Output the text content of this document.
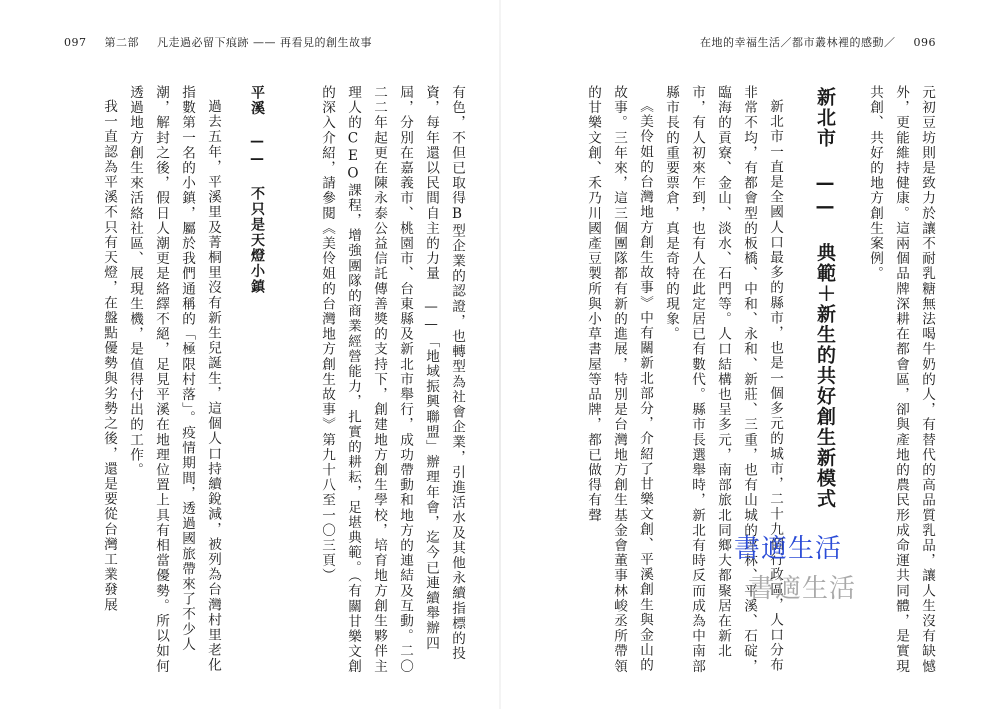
097 第二部 凡走過必留下痕跡 —— 再看見的創生故事	在地的幸福生活／都市叢林裡的感動／ 096

元初豆坊則是致力於讓不耐乳糖無法喝牛奶的人，有替代的高品質乳品，讓人生沒有缺憾外，更能維持健康。這兩個品牌深耕在都會區，卻與產地的農民形成命運共同體，是實現共創、共好的地方創生案例。

新北市 —— 典範＋新生的共好創生新模式

新北市一直是全國人口最多的縣市，也是一個多元的城市，二十九個行政區，人口分布非常不均，有都會型的板橋、中和、永和、新莊、三重，也有山城的坪林、平溪、石碇，臨海的貢寮、金山、淡水、石門等。人口結構也呈多元，南部旅北同鄉大都聚居在新北市，有人初來乍到，也有人在此定居已有數代。縣市長選舉時，新北有時反而成為中南部縣市長的重要票倉，真是奇特的現象。

《美伶姐的台灣地方創生故事》中有關新北部分，介紹了甘樂文創、平溪創生與金山的故事。三年來，這三個團隊都有新的進展，特別是台灣地方創生基金會董事林峻丞所帶領的甘樂文創、禾乃川國產豆製所與小草書屋等品牌，都已做得有聲

有色，不但已取得B型企業的認證，也轉型為社會企業，引進活水及其他永續指標的投資，每年還以民間自主的力量 ——「地域振興聯盟」辦理年會，迄今已連續舉辦四屆，分別在嘉義市、桃園市、台東縣及新北市舉行，成功帶動和地方的連結及互動。二〇二二年起更在陳永泰公益信託傳善獎的支持下，創建地方創生學校，培育地方創生夥伴主理人的CEO課程，增強團隊的商業經營能力，扎實的耕耘，足堪典範。（有關甘樂文創的深入介紹，請參閱《美伶姐的台灣地方創生故事》第九十八至一〇三頁）

平溪 —— 不只是天燈小鎮

過去五年，平溪里及菁桐里沒有新生兒誕生，這個人口持續銳減，被列為台灣村里老化指數第一名的小鎮，屬於我們通稱的「極限村落」。疫情期間，透過國旅帶來了不少人潮，解封之後，假日人潮更是絡繹不絕，足見平溪在地理位置上具有相當優勢。所以如何透過地方創生來活絡社區、展現生機，是值得付出的工作。

我一直認為平溪不只有天燈，在盤點優勢與劣勢之後，還是要從台灣工業發展	書適生活
書適生活
